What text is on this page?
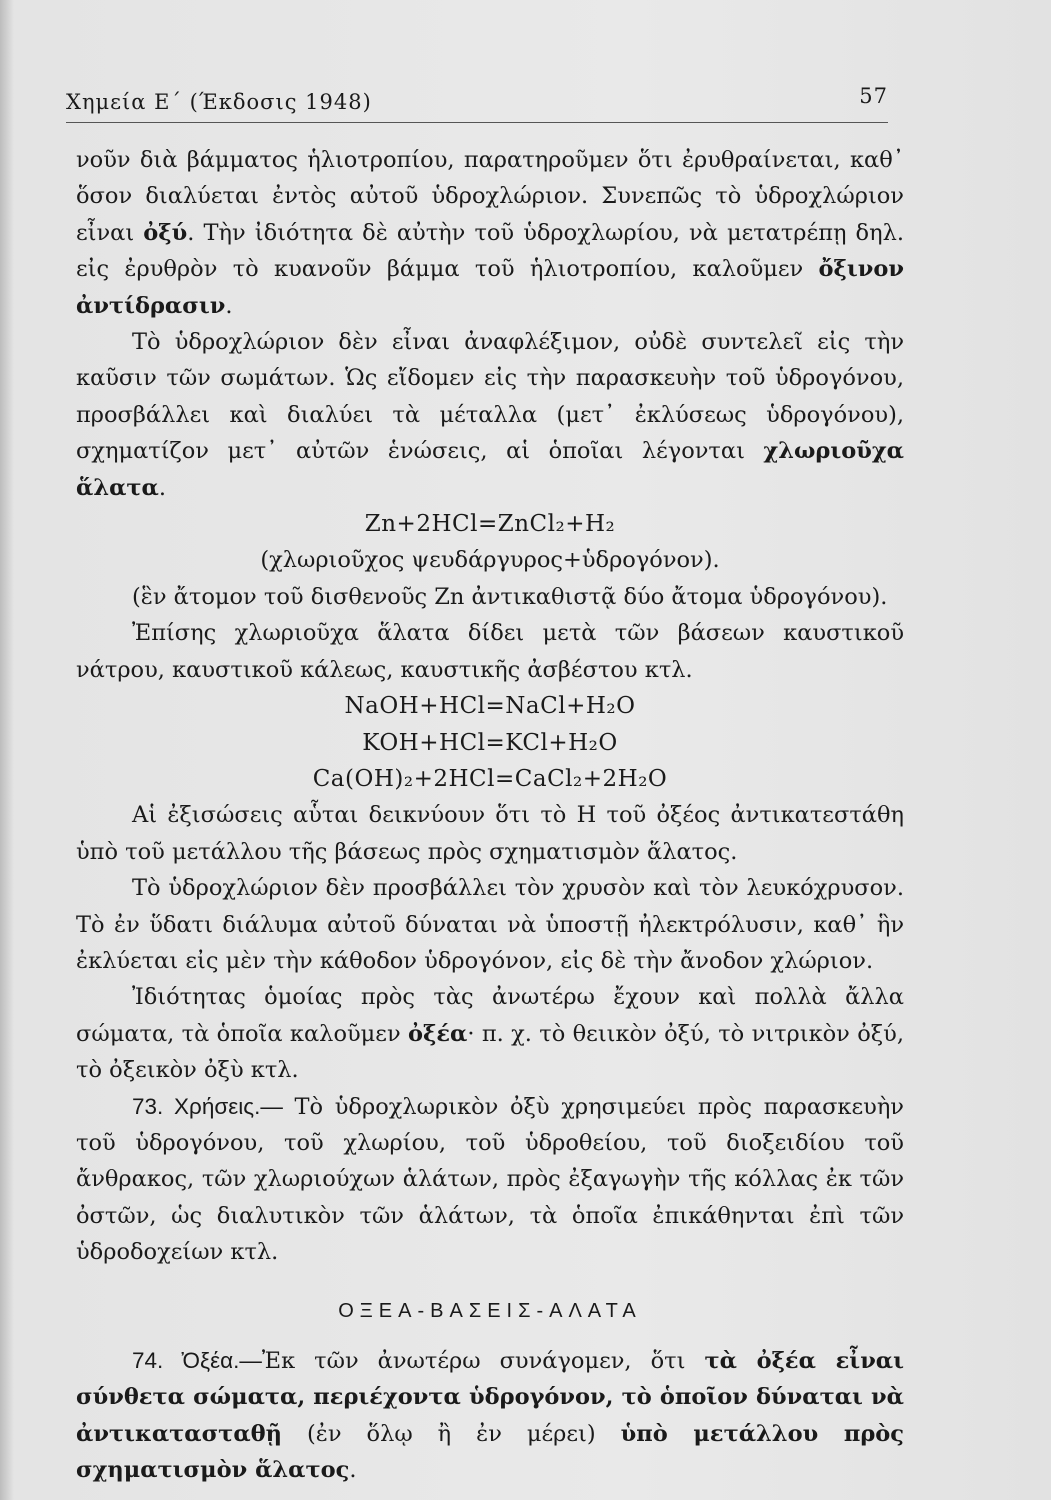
Χημεία Ε΄ (Έκδοσις 1948)	57

νοῦν διὰ βάμματος ἡλιοτροπίου, παρατηροῦμεν ὅτι ἐρυθραίνεται, καθ᾽ ὅσον διαλύεται ἐντὸς αὐτοῦ ὑδροχλώριον. Συνεπῶς τὸ ὑδροχλώριον εἶναι ὀξύ. Τὴν ἰδιότητα δὲ αὐτὴν τοῦ ὑδροχλωρίου, νὰ μετατρέπῃ δηλ. εἰς ἐρυθρὸν τὸ κυανοῦν βάμμα τοῦ ἡλιοτροπίου, καλοῦμεν ὄξινον ἀντίδρασιν.

Τὸ ὑδροχλώριον δὲν εἶναι ἀναφλέξιμον, οὐδὲ συντελεῖ εἰς τὴν καῦσιν τῶν σωμάτων. Ὡς εἴδομεν εἰς τὴν παρασκευὴν τοῦ ὑδρογόνου, προσβάλλει καὶ διαλύει τὰ μέταλλα (μετ᾽ ἐκλύσεως ὑδρογόνου), σχηματίζον μετ᾽ αὐτῶν ἑνώσεις, αἱ ὁποῖαι λέγονται χλωριοῦχα ἅλατα.

Zn+2HCl=ZnCl₂+H₂

(χλωριοῦχος ψευδάργυρος+ὑδρογόνον).

(ἓν ἄτομον τοῦ δισθενοῦς Zn ἀντικαθιστᾷ δύο ἄτομα ὑδρογόνου).

Ἐπίσης χλωριοῦχα ἅλατα δίδει μετὰ τῶν βάσεων καυστικοῦ νάτρου, καυστικοῦ κάλεως, καυστικῆς ἀσβέστου κτλ.

NaOH+HCl=NaCl+H₂O

KOH+HCl=KCl+H₂O

Ca(OH)₂+2HCl=CaCl₂+2H₂O

Αἱ ἐξισώσεις αὗται δεικνύουν ὅτι τὸ Η τοῦ ὀξέος ἀντικατεστάθη ὑπὸ τοῦ μετάλλου τῆς βάσεως πρὸς σχηματισμὸν ἅλατος.

Τὸ ὑδροχλώριον δὲν προσβάλλει τὸν χρυσὸν καὶ τὸν λευκόχρυσον. Τὸ ἐν ὕδατι διάλυμα αὐτοῦ δύναται νὰ ὑποστῇ ἠλεκτρόλυσιν, καθ᾽ ἣν ἐκλύεται εἰς μὲν τὴν κάθοδον ὑδρογόνον, εἰς δὲ τὴν ἄνοδον χλώριον.

Ἰδιότητας ὁμοίας πρὸς τὰς ἀνωτέρω ἔχουν καὶ πολλὰ ἄλλα σώματα, τὰ ὁποῖα καλοῦμεν ὀξέα· π. χ. τὸ θειικὸν ὀξύ, τὸ νιτρικὸν ὀξύ, τὸ ὀξεικὸν ὀξὺ κτλ.

73. Χρήσεις.— Τὸ ὑδροχλωρικὸν ὀξὺ χρησιμεύει πρὸς παρασκευὴν τοῦ ὑδρογόνου, τοῦ χλωρίου, τοῦ ὑδροθείου, τοῦ διοξειδίου τοῦ ἄνθρακος, τῶν χλωριούχων ἁλάτων, πρὸς ἐξαγωγὴν τῆς κόλλας ἐκ τῶν ὀστῶν, ὡς διαλυτικὸν τῶν ἁλάτων, τὰ ὁποῖα ἐπικάθηνται ἐπὶ τῶν ὑδροδοχείων κτλ.

ΟΞΕΑ-ΒΑΣΕΙΣ-ΑΛΑΤΑ

74. Ὀξέα.—Ἐκ τῶν ἀνωτέρω συνάγομεν, ὅτι τὰ ὀξέα εἶναι σύνθετα σώματα, περιέχοντα ὑδρογόνον, τὸ ὁποῖον δύναται νὰ ἀντικατασταθῇ (ἐν ὅλῳ ἢ ἐν μέρει) ὑπὸ μετάλλου πρὸς σχηματισμὸν ἅλατος.
